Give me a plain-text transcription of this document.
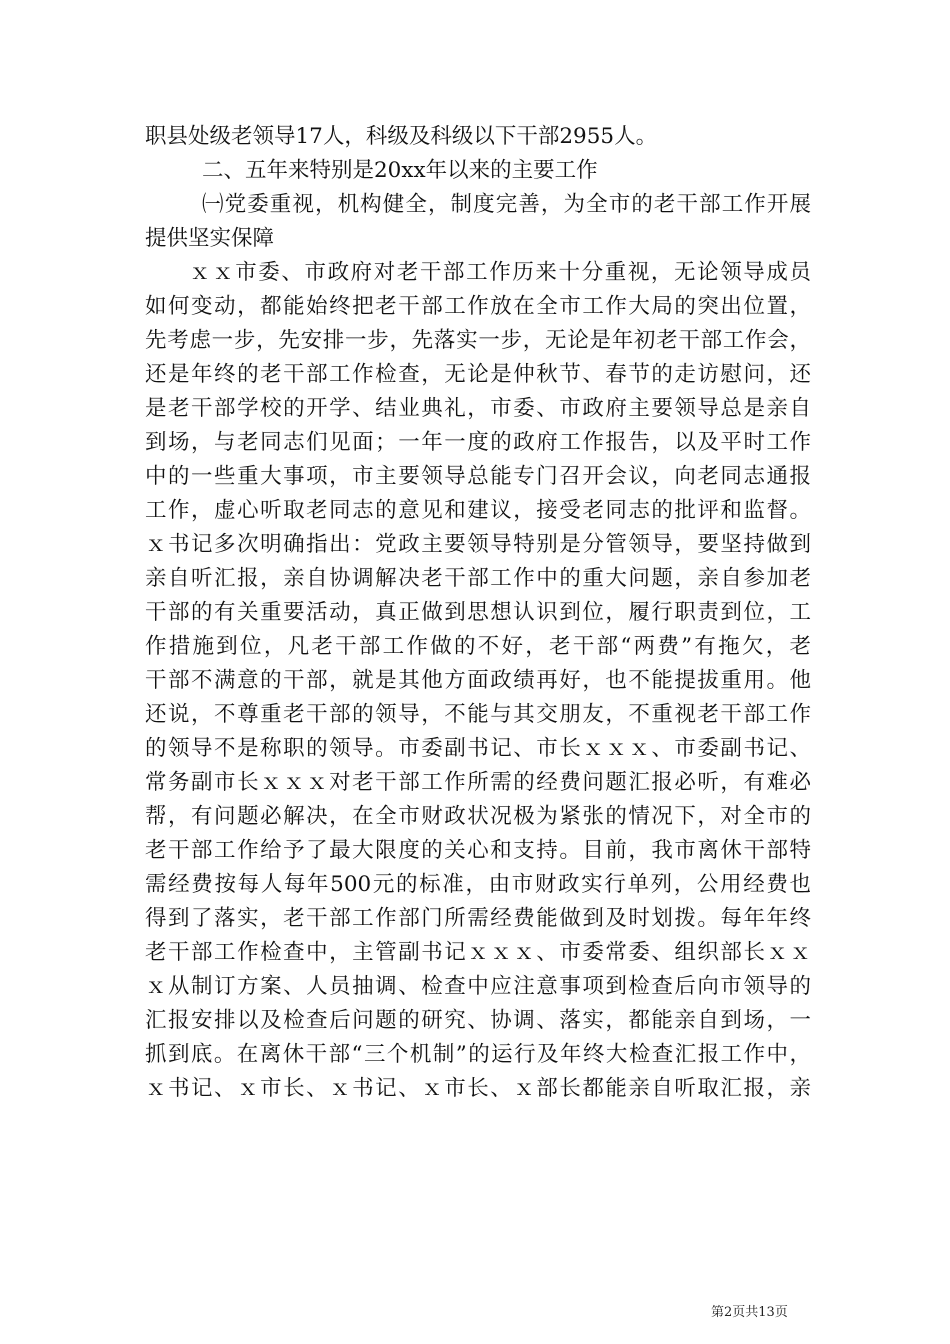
职县处级老领导17人，科级及科级以下干部2955人。
二、五年来特别是20xx年以来的主要工作
㈠党委重视，机构健全，制度完善，为全市的老干部工作开展
提供坚实保障
ｘｘ市委、市政府对老干部工作历来十分重视，无论领导成员
如何变动，都能始终把老干部工作放在全市工作大局的突出位置，
先考虑一步，先安排一步，先落实一步，无论是年初老干部工作会，
还是年终的老干部工作检查，无论是仲秋节、春节的走访慰问，还
是老干部学校的开学、结业典礼，市委、市政府主要领导总是亲自
到场，与老同志们见面；一年一度的政府工作报告，以及平时工作
中的一些重大事项，市主要领导总能专门召开会议，向老同志通报
工作，虚心听取老同志的意见和建议，接受老同志的批评和监督。
ｘ书记多次明确指出：党政主要领导特别是分管领导，要坚持做到
亲自听汇报，亲自协调解决老干部工作中的重大问题，亲自参加老
干部的有关重要活动，真正做到思想认识到位，履行职责到位，工
作措施到位，凡老干部工作做的不好，老干部“两费”有拖欠，老
干部不满意的干部，就是其他方面政绩再好，也不能提拔重用。他
还说，不尊重老干部的领导，不能与其交朋友，不重视老干部工作
的领导不是称职的领导。市委副书记、市长ｘｘｘ、市委副书记、
常务副市长ｘｘｘ对老干部工作所需的经费问题汇报必听，有难必
帮，有问题必解决，在全市财政状况极为紧张的情况下，对全市的
老干部工作给予了最大限度的关心和支持。目前，我市离休干部特
需经费按每人每年500元的标准，由市财政实行单列，公用经费也
得到了落实，老干部工作部门所需经费能做到及时划拨。每年年终
老干部工作检查中，主管副书记ｘｘｘ、市委常委、组织部长ｘｘ
ｘ从制订方案、人员抽调、检查中应注意事项到检查后向市领导的
汇报安排以及检查后问题的研究、协调、落实，都能亲自到场，一
抓到底。在离休干部“三个机制”的运行及年终大检查汇报工作中，
ｘ书记、ｘ市长、ｘ书记、ｘ市长、ｘ部长都能亲自听取汇报，亲
第2页共13页
